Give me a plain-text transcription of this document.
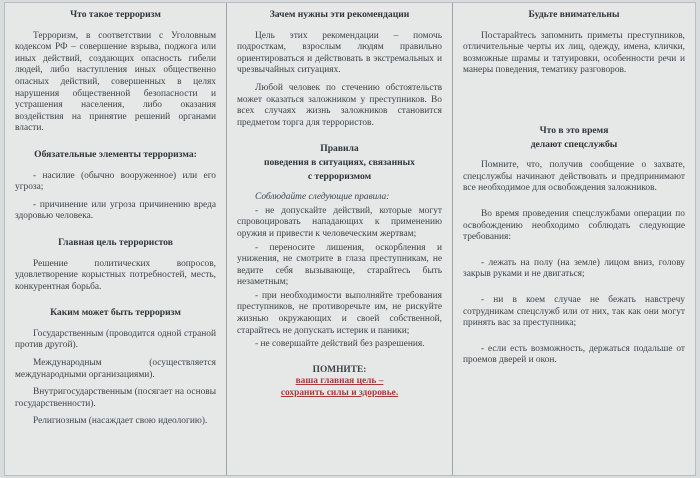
Что такое терроризм

Терроризм, в соответствии с Уголовным кодексом РФ – совершение взрыва, поджога или иных действий, создающих опасность гибели людей, либо наступления иных общественно опасных действий, совершенных в целях нарушения общественной безопасности и устрашения населения, либо оказания воздействия на принятие решений органами власти.

Обязательные элементы терроризма:

- насилие (обычно вооруженное) или его угроза;

- причинение или угроза причинению вреда здоровью человека.

Главная цель террористов

Решение политических вопросов, удовлетворение корыстных потребностей, месть, конкурентная борьба.

Каким может быть терроризм

Государственным (проводится одной страной против другой).

Международным (осуществляется международными организациями).

Внутригосударственным (посягает на основы государственности).

Религиозным (насаждает свою идеологию).

Зачем нужны эти рекомендации

Цель этих рекомендации – помочь подросткам, взрослым людям правильно ориентироваться и действовать в экстремальных и чрезвычайных ситуациях.

Любой человек по стечению обстоятельств может оказаться заложником у преступников. Во всех случаях жизнь заложников становится предметом торга для террористов.

Правила
поведения в ситуациях, связанных
с терроризмом

Соблюдайте следующие правила:

- не допускайте действий, которые могут спровоцировать нападающих к применению оружия и привести к человеческим жертвам;

- переносите лишения, оскорбления и унижения, не смотрите в глаза преступникам, не ведите себя вызывающе, старайтесь быть незаметным;

- при необходимости выполняйте требования преступников, не противоречьте им, не рискуйте жизнью окружающих и своей собственной, старайтесь не допускать истерик и паники;

- не совершайте действий без разрешения.

ПОМНИТЕ:

ваша главная цель –

сохранить силы и здоровье.

Будьте внимательны

Постарайтесь запомнить приметы преступников, отличительные черты их лиц, одежду, имена, клички, возможные шрамы и татуировки, особенности речи и манеры поведения, тематику разговоров.

Что в это время
делают спецслужбы

Помните, что, получив сообщение о захвате, спецслужбы начинают действовать и предпринимают все необходимое для освобождения заложников.

Во время проведения спецслужбами операции по освобождению необходимо соблюдать следующие требования:

- лежать на полу (на земле) лицом вниз, голову закрыв руками и не двигаться;

- ни в коем случае не бежать навстречу сотрудникам спецслужб или от них, так как они могут принять вас за преступника;

- если есть возможность, держаться подальше от проемов дверей и окон.
